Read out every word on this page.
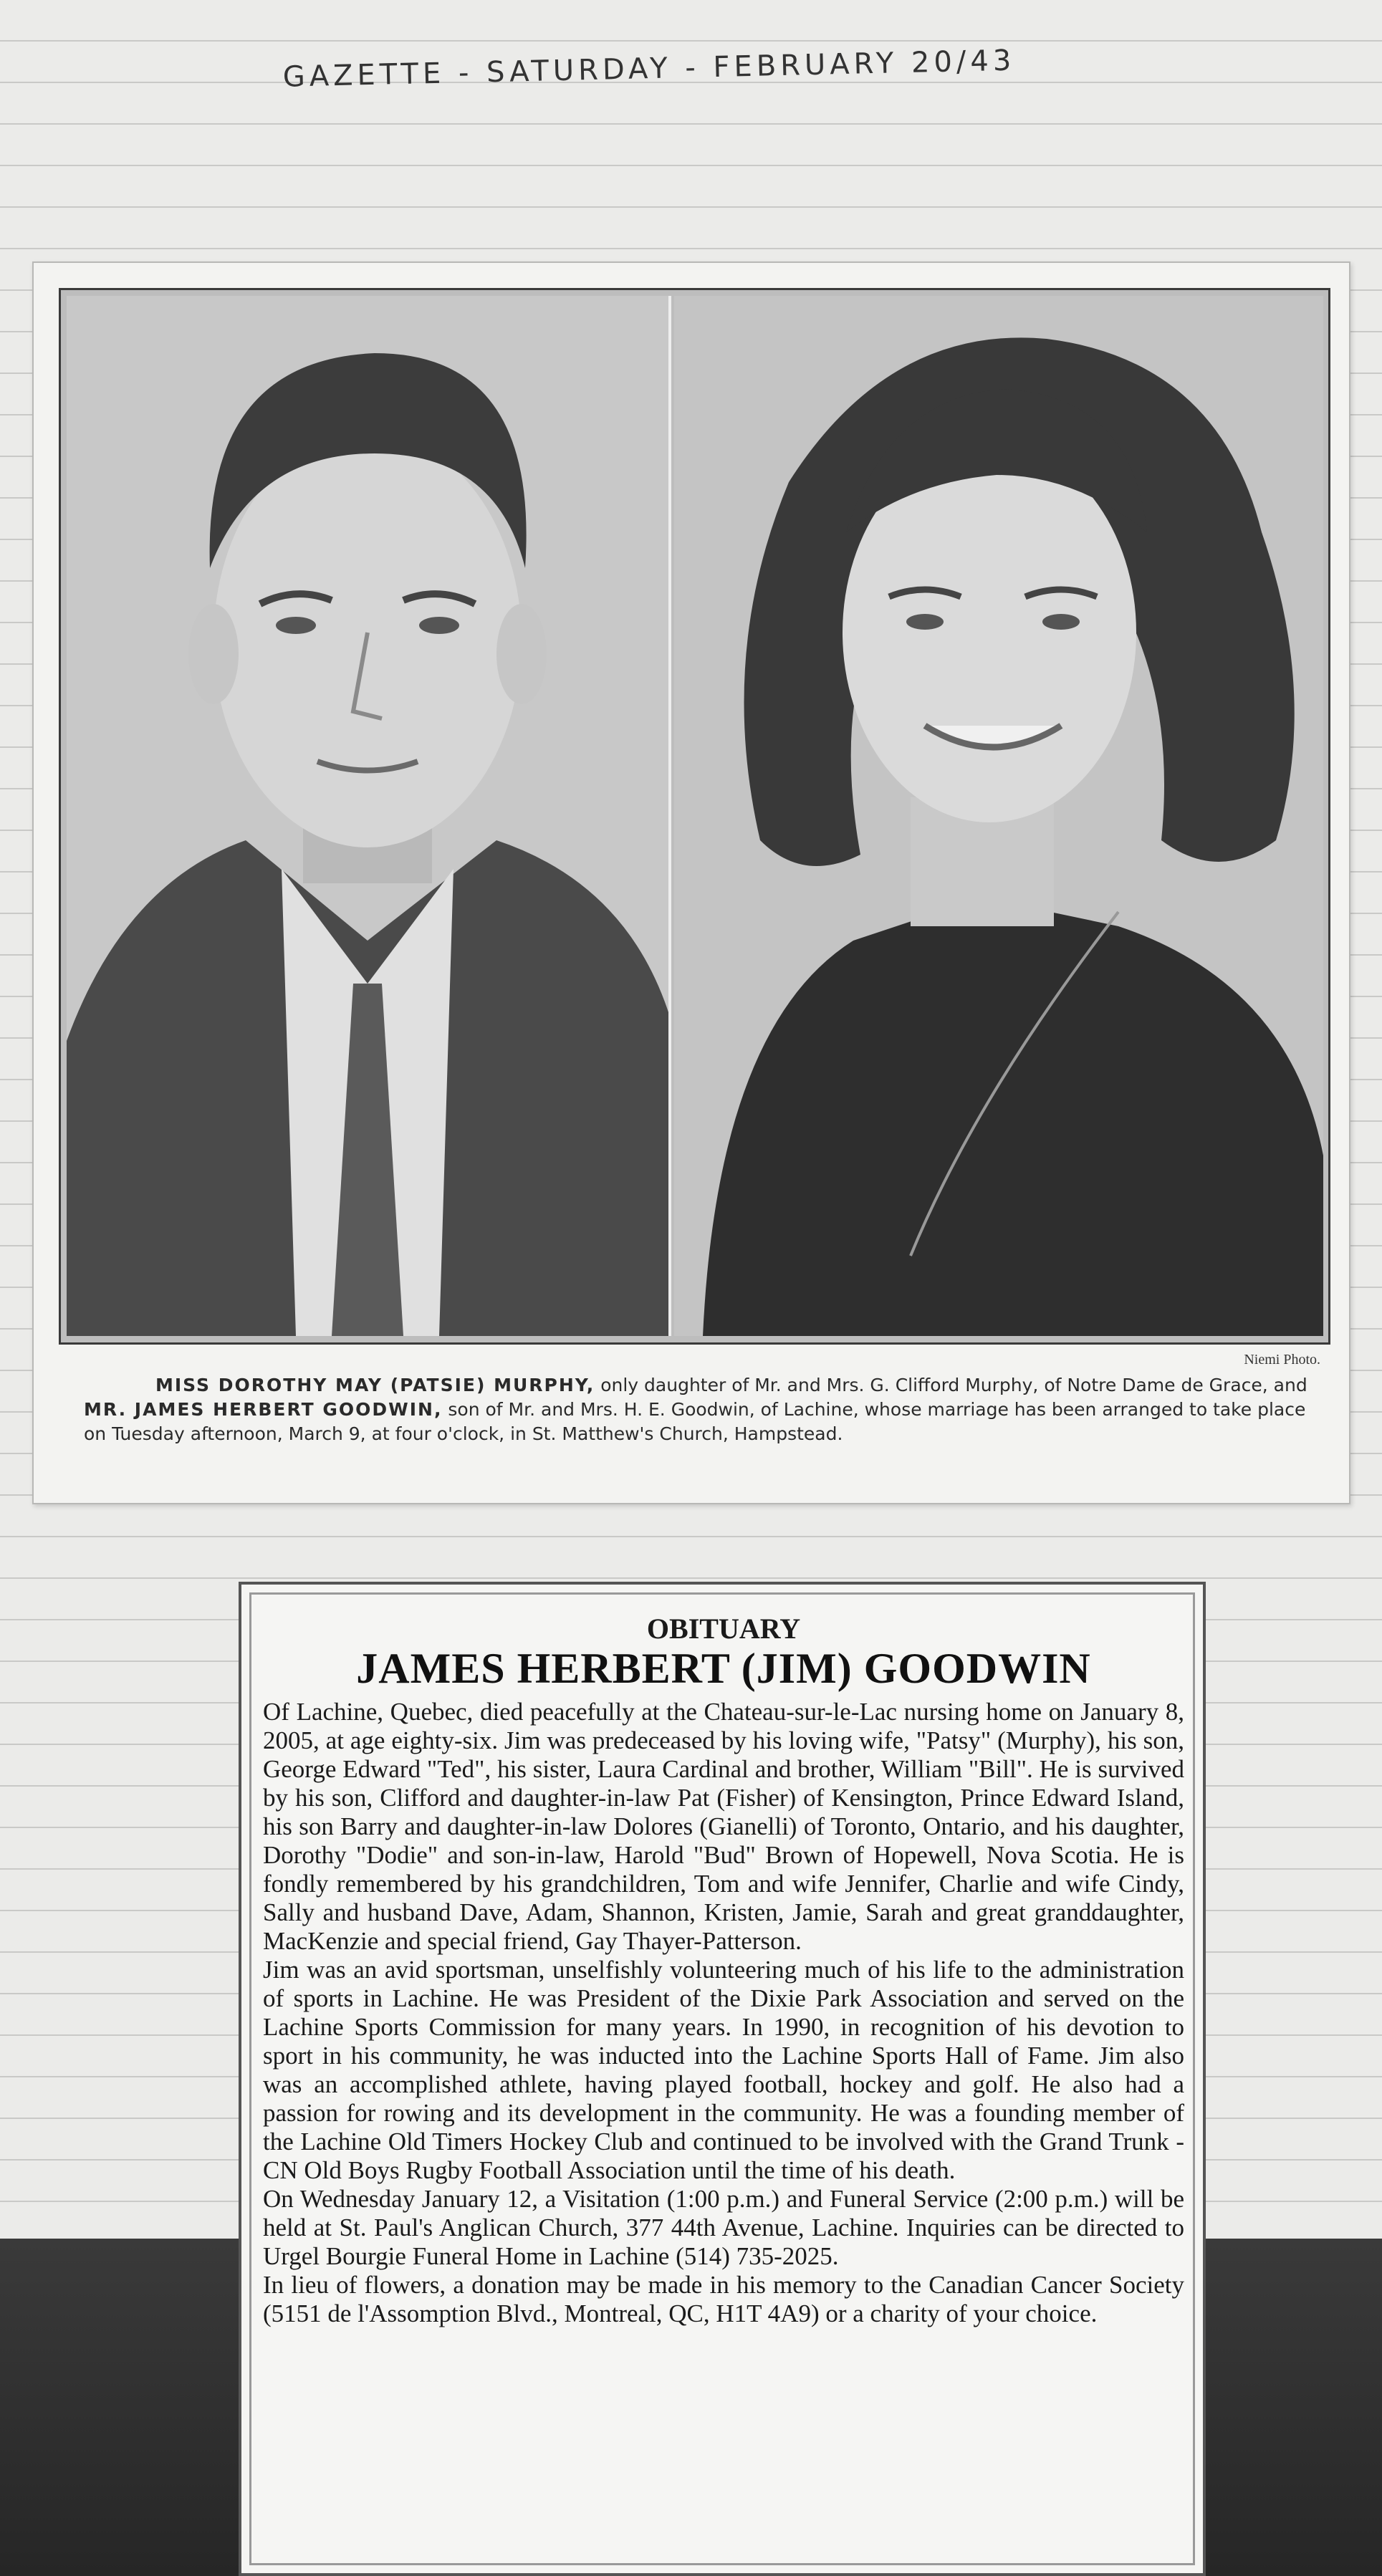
GAZETTE - SATURDAY - FEBRUARY 20/43
Niemi Photo.

MISS DOROTHY MAY (PATSIE) MURPHY, only daughter of Mr. and Mrs. G. Clifford Murphy, of Notre Dame de Grace, and MR. JAMES HERBERT GOODWIN, son of Mr. and Mrs. H. E. Goodwin, of Lachine, whose marriage has been arranged to take place on Tuesday afternoon, March 9, at four o'clock, in St. Matthew's Church, Hampstead.

OBITUARY

JAMES HERBERT (JIM) GOODWIN

Of Lachine, Quebec, died peacefully at the Chateau-sur-le-Lac nursing home on January 8, 2005, at age eighty-six. Jim was predeceased by his loving wife, "Patsy" (Murphy), his son, George Edward "Ted", his sister, Laura Cardinal and brother, William "Bill". He is survived by his son, Clifford and daughter-in-law Pat (Fisher) of Kensington, Prince Edward Island, his son Barry and daughter-in-law Dolores (Gianelli) of Toronto, Ontario, and his daughter, Dorothy "Dodie" and son-in-law, Harold "Bud" Brown of Hopewell, Nova Scotia. He is fondly remembered by his grandchildren, Tom and wife Jennifer, Charlie and wife Cindy, Sally and husband Dave, Adam, Shannon, Kristen, Jamie, Sarah and great granddaughter, MacKenzie and special friend, Gay Thayer-Patterson.

Jim was an avid sportsman, unselfishly volunteering much of his life to the administration of sports in Lachine. He was President of the Dixie Park Association and served on the Lachine Sports Commission for many years. In 1990, in recognition of his devotion to sport in his community, he was inducted into the Lachine Sports Hall of Fame. Jim also was an accomplished athlete, having played football, hockey and golf. He also had a passion for rowing and its development in the community. He was a founding member of the Lachine Old Timers Hockey Club and continued to be involved with the Grand Trunk - CN Old Boys Rugby Football Association until the time of his death.

On Wednesday January 12, a Visitation (1:00 p.m.) and Funeral Service (2:00 p.m.) will be held at St. Paul's Anglican Church, 377 44th Avenue, Lachine. Inquiries can be directed to Urgel Bourgie Funeral Home in Lachine (514) 735-2025.

In lieu of flowers, a donation may be made in his memory to the Canadian Cancer Society (5151 de l'Assomption Blvd., Montreal, QC, H1T 4A9) or a charity of your choice.
